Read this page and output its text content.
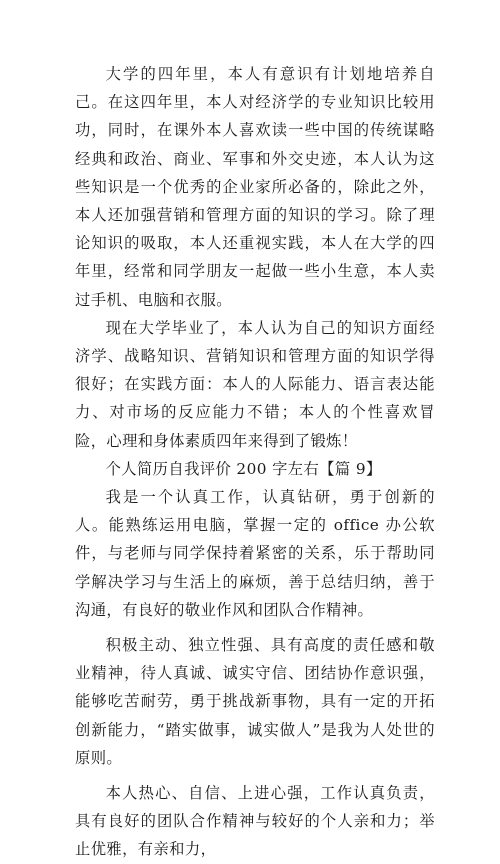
大学的四年里，本人有意识有计划地培养自己。在这四年里，本人对经济学的专业知识比较用功，同时，在课外本人喜欢读一些中国的传统谋略经典和政治、商业、军事和外交史迹，本人认为这些知识是一个优秀的企业家所必备的，除此之外，本人还加强营销和管理方面的知识的学习。除了理论知识的吸取，本人还重视实践，本人在大学的四年里，经常和同学朋友一起做一些小生意，本人卖过手机、电脑和衣服。

现在大学毕业了，本人认为自己的知识方面经济学、战略知识、营销知识和管理方面的知识学得很好；在实践方面：本人的人际能力、语言表达能力、对市场的反应能力不错；本人的个性喜欢冒险，心理和身体素质四年来得到了锻炼！

个人简历自我评价 200 字左右【篇 9】

我是一个认真工作，认真钻研，勇于创新的人。能熟练运用电脑，掌握一定的 office 办公软件，与老师与同学保持着紧密的关系，乐于帮助同学解决学习与生活上的麻烦，善于总结归纳，善于沟通，有良好的敬业作风和团队合作精神。

积极主动、独立性强、具有高度的责任感和敬业精神，待人真诚、诚实守信、团结协作意识强，能够吃苦耐劳，勇于挑战新事物，具有一定的开拓创新能力，“踏实做事，诚实做人”是我为人处世的原则。

本人热心、自信、上进心强，工作认真负责，具有良好的团队合作精神与较好的个人亲和力；举止优雅，有亲和力，
